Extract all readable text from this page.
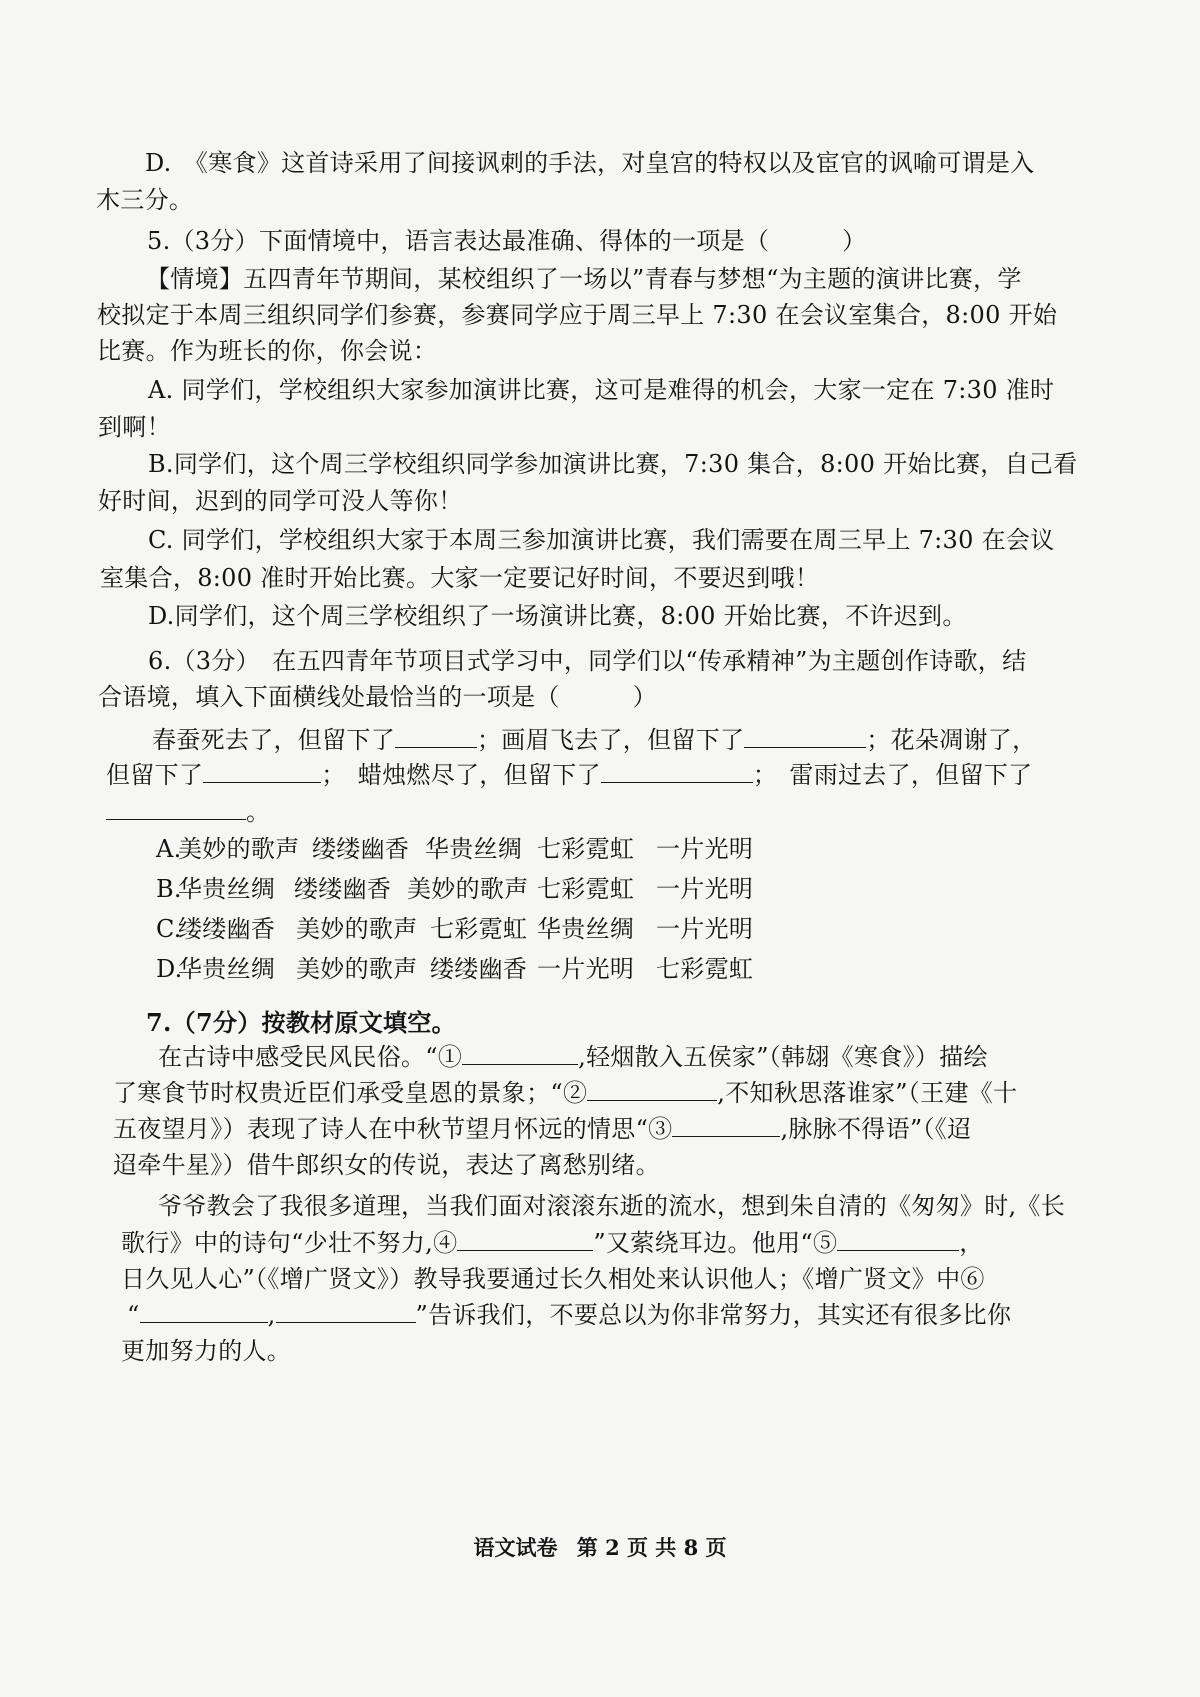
D.　《寒食》这首诗采用了间接讽刺的手法，对皇宫的特权以及宦官的讽喻可谓是入
木三分。
5.（3分）下面情境中，语言表达最准确、得体的一项是（　　　）
【情境】五四青年节期间，某校组织了一场以”青春与梦想“为主题的演讲比赛，学
校拟定于本周三组织同学们参赛，参赛同学应于周三早上 7:30 在会议室集合，8:00 开始
比赛。作为班长的你，你会说：
A. 同学们，学校组织大家参加演讲比赛，这可是难得的机会，大家一定在 7:30 准时
到啊！
B.同学们，这个周三学校组织同学参加演讲比赛，7:30 集合，8:00 开始比赛，自己看
好时间，迟到的同学可没人等你！
C. 同学们，学校组织大家于本周三参加演讲比赛，我们需要在周三早上 7:30 在会议
室集合，8:00 准时开始比赛。大家一定要记好时间，不要迟到哦！
D.同学们，这个周三学校组织了一场演讲比赛，8:00 开始比赛，不许迟到。
6.（3分）　在五四青年节项目式学习中，同学们以“传承精神”为主题创作诗歌，结
合语境，填入下面横线处最恰当的一项是（　　　）
春蚕死去了，但留下了	；画眉飞去了，但留下了	；花朵凋谢了，
但留下了	；　蜡烛燃尽了，但留下了	；　雷雨过去了，但留下了
。
A.
美妙的歌声 缕缕幽香 华贵丝绸 七彩霓虹 一片光明
B.
华贵丝绸 缕缕幽香 美妙的歌声 七彩霓虹 一片光明
C.
缕缕幽香 美妙的歌声 七彩霓虹 华贵丝绸 一片光明
D.
华贵丝绸 美妙的歌声 缕缕幽香 一片光明 七彩霓虹
7.（7分）按教材原文填空。
在古诗中感受民风民俗。“①	,轻烟散入五侯家”（韩翃《寒食》）描绘
了寒食节时权贵近臣们承受皇恩的景象；“②	,不知秋思落谁家”（王建《十
五夜望月》）表现了诗人在中秋节望月怀远的情思“③	,脉脉不得语”（《迢
迢牵牛星》）借牛郎织女的传说，表达了离愁别绪。
爷爷教会了我很多道理，当我们面对滚滚东逝的流水，想到朱自清的《匆匆》时,《长
歌行》中的诗句“少壮不努力,④	”又萦绕耳边。他用“⑤	，
日久见人心”（《增广贤文》）教导我要通过长久相处来认识他人；《增广贤文》中⑥
“	,	”告诉我们，不要总以为你非常努力，其实还有很多比你
更加努力的人。
语文试卷 第 2 页 共 8 页
